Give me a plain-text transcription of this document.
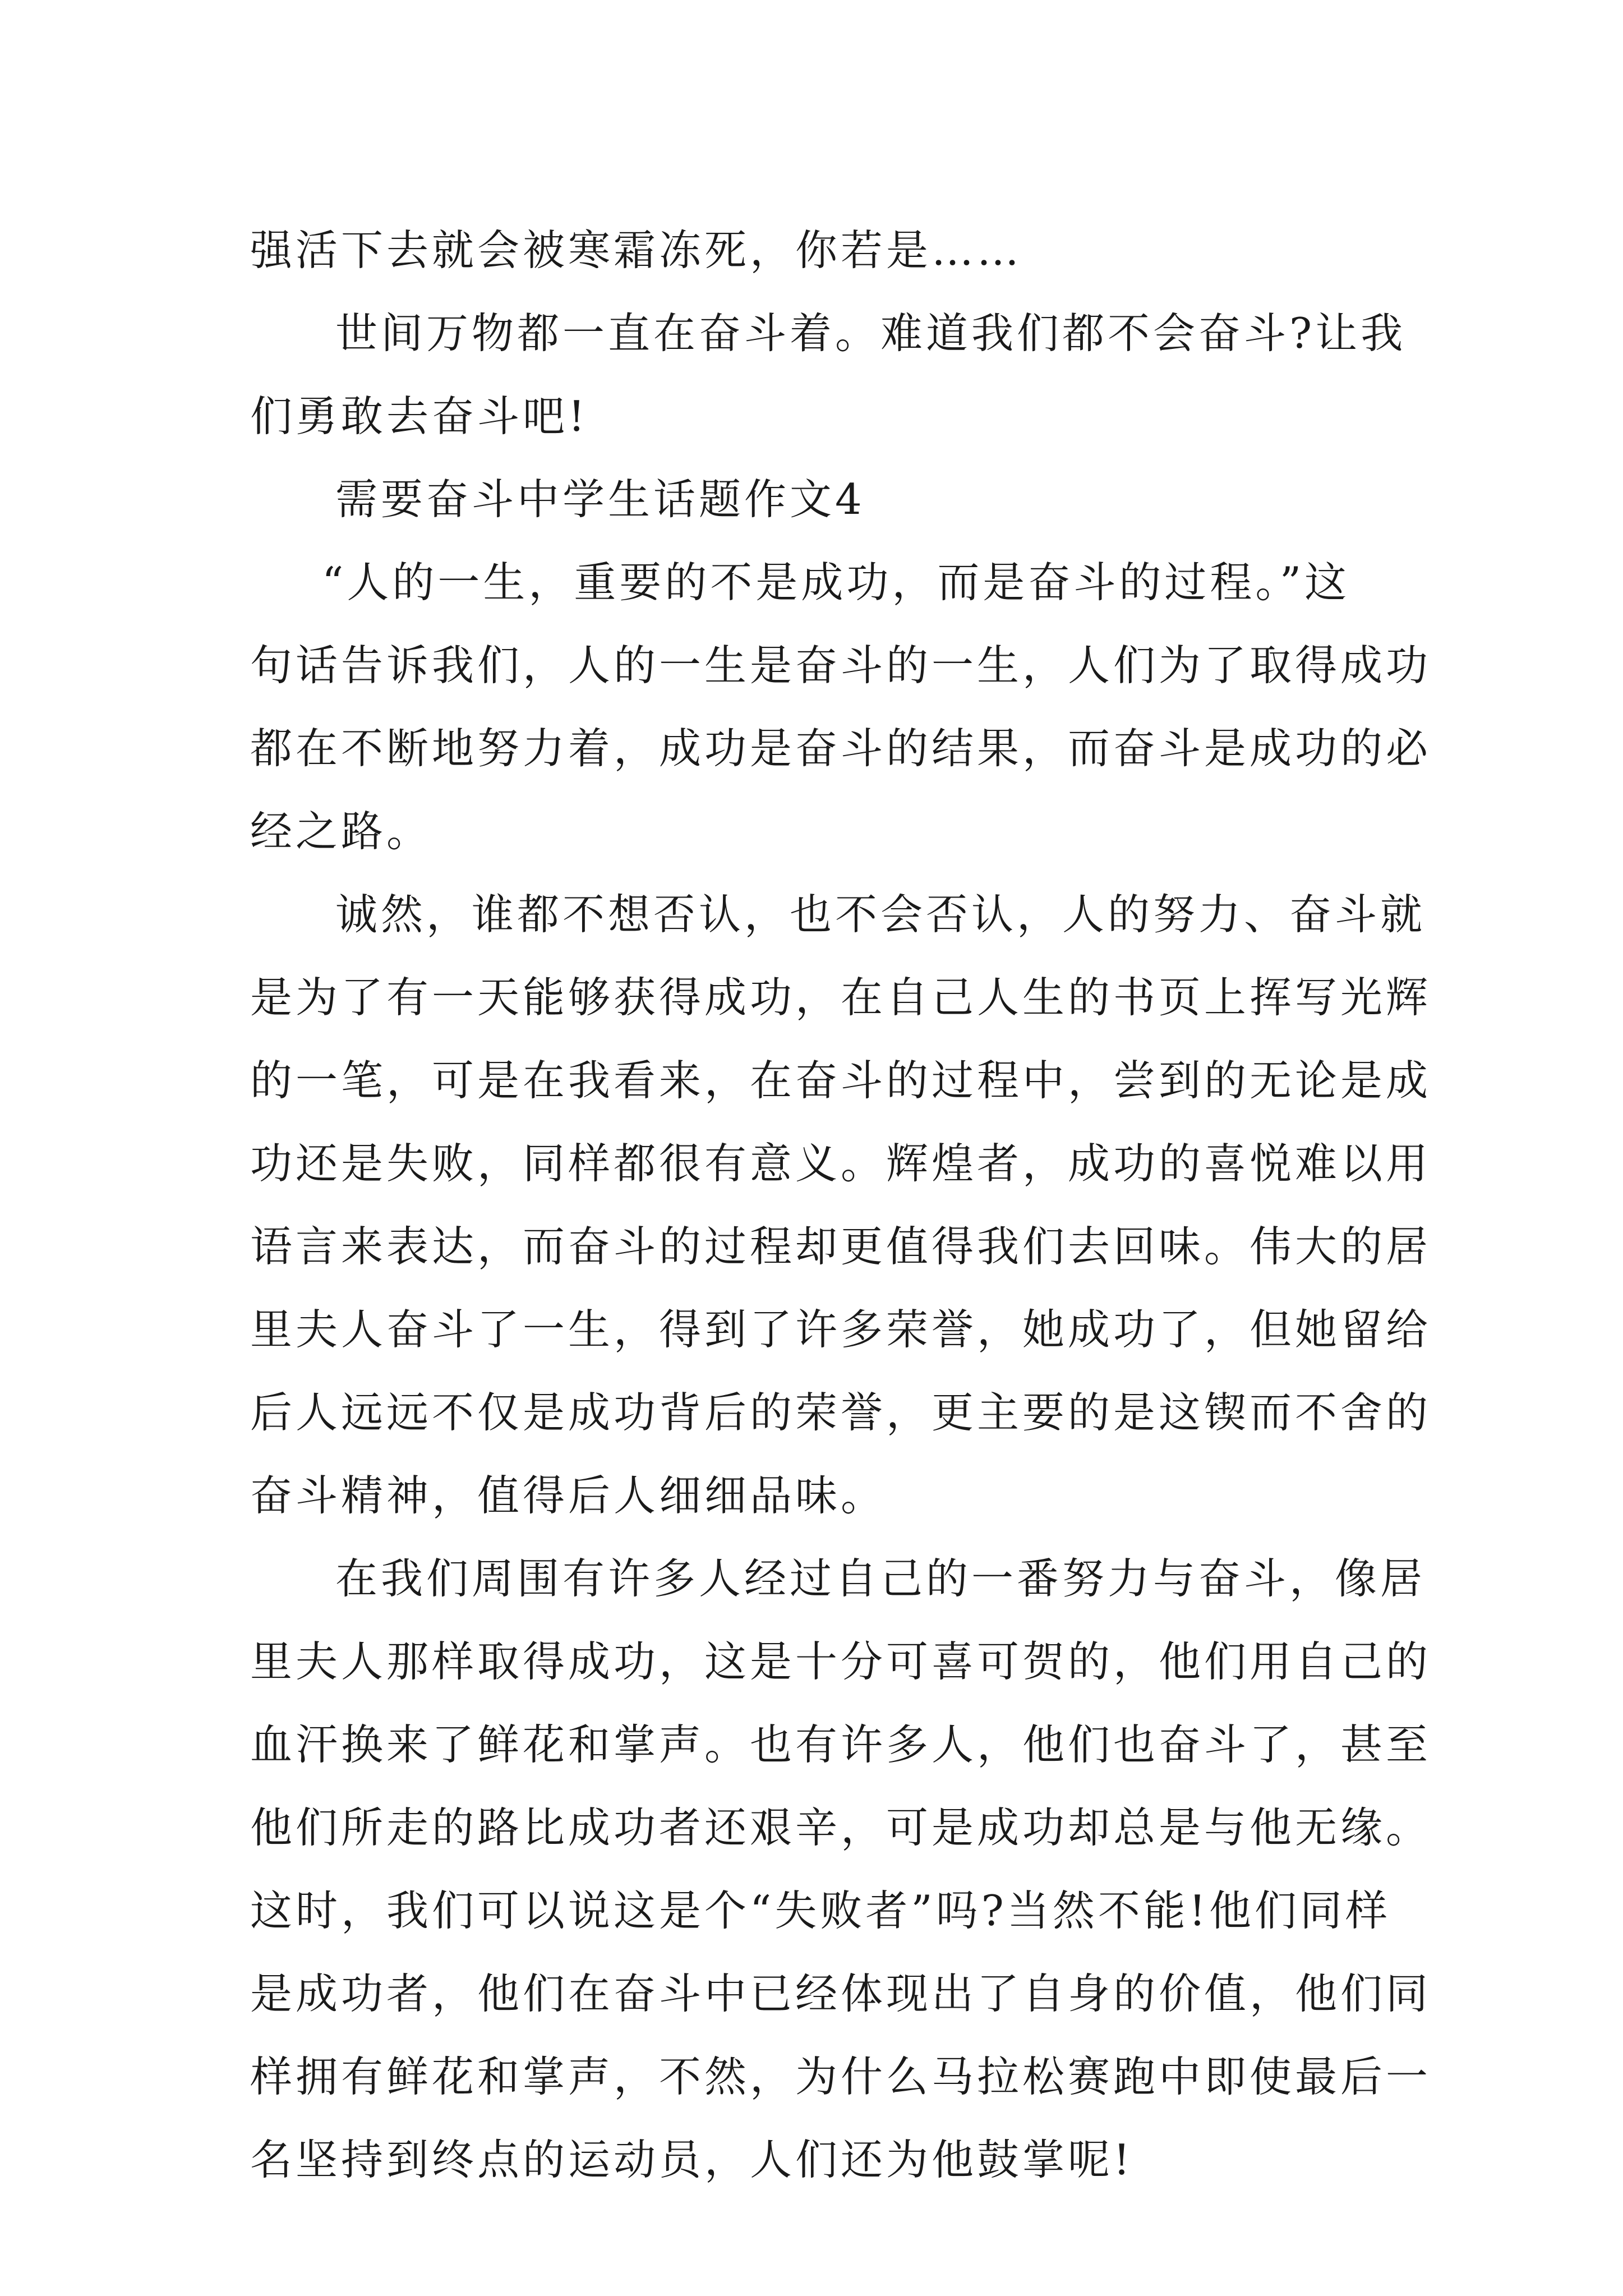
强活下去就会被寒霜冻死，你若是……
世间万物都一直在奋斗着。难道我们都不会奋斗?让我
们勇敢去奋斗吧!
需要奋斗中学生话题作文4
“人的一生，重要的不是成功，而是奋斗的过程。”这
句话告诉我们，人的一生是奋斗的一生，人们为了取得成功
都在不断地努力着，成功是奋斗的结果，而奋斗是成功的必
经之路。
诚然，谁都不想否认，也不会否认，人的努力、奋斗就
是为了有一天能够获得成功，在自己人生的书页上挥写光辉
的一笔，可是在我看来，在奋斗的过程中，尝到的无论是成
功还是失败，同样都很有意义。辉煌者，成功的喜悦难以用
语言来表达，而奋斗的过程却更值得我们去回味。伟大的居
里夫人奋斗了一生，得到了许多荣誉，她成功了，但她留给
后人远远不仅是成功背后的荣誉，更主要的是这锲而不舍的
奋斗精神，值得后人细细品味。
在我们周围有许多人经过自己的一番努力与奋斗，像居
里夫人那样取得成功，这是十分可喜可贺的，他们用自己的
血汗换来了鲜花和掌声。也有许多人，他们也奋斗了，甚至
他们所走的路比成功者还艰辛，可是成功却总是与他无缘。
这时，我们可以说这是个“失败者”吗?当然不能!他们同样
是成功者，他们在奋斗中已经体现出了自身的价值，他们同
样拥有鲜花和掌声，不然，为什么马拉松赛跑中即使最后一
名坚持到终点的运动员，人们还为他鼓掌呢!
